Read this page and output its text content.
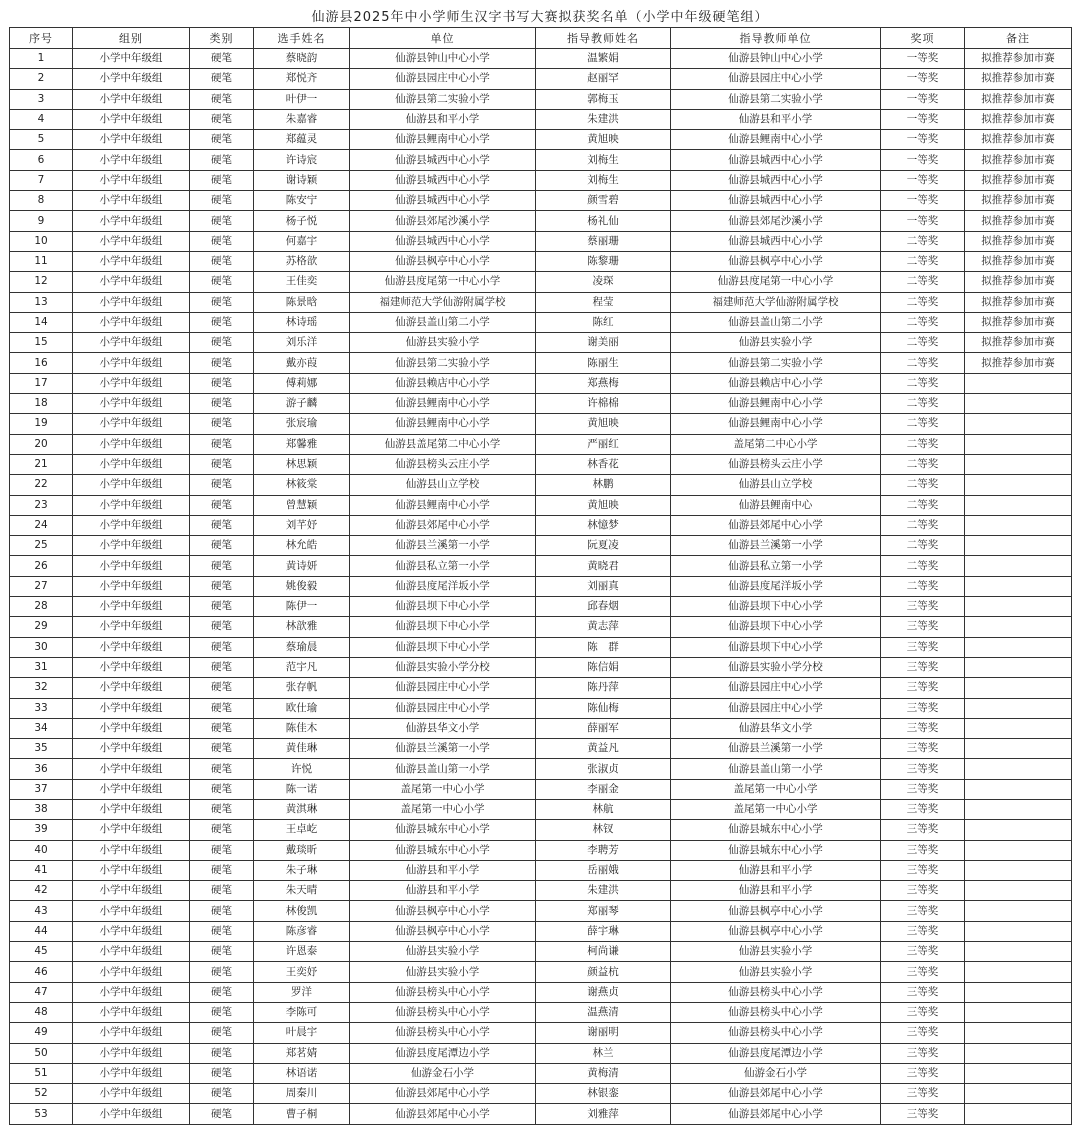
仙游县2025年中小学师生汉字书写大赛拟获奖名单（小学中年级硬笔组）
序号	组别	类别	选手姓名	单位	指导教师姓名	指导教师单位	奖项	备注
1	小学中年级组	硬笔	蔡晓韵	仙游县钟山中心小学	温繁娟	仙游县钟山中心小学	一等奖	拟推荐参加市赛
2	小学中年级组	硬笔	郑悦齐	仙游县园庄中心小学	赵丽罕	仙游县园庄中心小学	一等奖	拟推荐参加市赛
3	小学中年级组	硬笔	叶伊一	仙游县第二实验小学	郭梅玉	仙游县第二实验小学	一等奖	拟推荐参加市赛
4	小学中年级组	硬笔	朱嘉睿	仙游县和平小学	朱建洪	仙游县和平小学	一等奖	拟推荐参加市赛
5	小学中年级组	硬笔	郑蕴灵	仙游县鲤南中心小学	黄旭映	仙游县鲤南中心小学	一等奖	拟推荐参加市赛
6	小学中年级组	硬笔	许诗宸	仙游县城西中心小学	刘梅生	仙游县城西中心小学	一等奖	拟推荐参加市赛
7	小学中年级组	硬笔	谢诗颖	仙游县城西中心小学	刘梅生	仙游县城西中心小学	一等奖	拟推荐参加市赛
8	小学中年级组	硬笔	陈安宁	仙游县城西中心小学	颜雪碧	仙游县城西中心小学	一等奖	拟推荐参加市赛
9	小学中年级组	硬笔	杨子悦	仙游县郊尾沙溪小学	杨礼仙	仙游县郊尾沙溪小学	一等奖	拟推荐参加市赛
10	小学中年级组	硬笔	何嘉宇	仙游县城西中心小学	蔡丽珊	仙游县城西中心小学	二等奖	拟推荐参加市赛
11	小学中年级组	硬笔	苏格歆	仙游县枫亭中心小学	陈黎珊	仙游县枫亭中心小学	二等奖	拟推荐参加市赛
12	小学中年级组	硬笔	王佳奕	仙游县度尾第一中心小学	凌琛	仙游县度尾第一中心小学	二等奖	拟推荐参加市赛
13	小学中年级组	硬笔	陈景晗	福建师范大学仙游附属学校	程莹	福建师范大学仙游附属学校	二等奖	拟推荐参加市赛
14	小学中年级组	硬笔	林诗瑶	仙游县盖山第二小学	陈红	仙游县盖山第二小学	二等奖	拟推荐参加市赛
15	小学中年级组	硬笔	刘乐洋	仙游县实验小学	谢美丽	仙游县实验小学	二等奖	拟推荐参加市赛
16	小学中年级组	硬笔	戴亦葭	仙游县第二实验小学	陈丽生	仙游县第二实验小学	二等奖	拟推荐参加市赛
17	小学中年级组	硬笔	傅莉娜	仙游县赖店中心小学	郑燕梅	仙游县赖店中心小学	二等奖	
18	小学中年级组	硬笔	游子麟	仙游县鲤南中心小学	许棉棉	仙游县鲤南中心小学	二等奖	
19	小学中年级组	硬笔	张宸瑜	仙游县鲤南中心小学	黄旭映	仙游县鲤南中心小学	二等奖	
20	小学中年级组	硬笔	郑馨雅	仙游县盖尾第二中心小学	严丽红	盖尾第二中心小学	二等奖	
21	小学中年级组	硬笔	林思颖	仙游县榜头云庄小学	林香花	仙游县榜头云庄小学	二等奖	
22	小学中年级组	硬笔	林筱棠	仙游县山立学校	林鹏	仙游县山立学校	二等奖	
23	小学中年级组	硬笔	曾慧颖	仙游县鲤南中心小学	黄旭映	仙游县鲤南中心	二等奖	
24	小学中年级组	硬笔	刘芊妤	仙游县郊尾中心小学	林憶梦	仙游县郊尾中心小学	二等奖	
25	小学中年级组	硬笔	林允皓	仙游县兰溪第一小学	阮夏凌	仙游县兰溪第一小学	二等奖	
26	小学中年级组	硬笔	黄诗妍	仙游县私立第一小学	黄晓君	仙游县私立第一小学	二等奖	
27	小学中年级组	硬笔	姚俊毅	仙游县度尾洋坂小学	刘丽真	仙游县度尾洋坂小学	二等奖	
28	小学中年级组	硬笔	陈伊一	仙游县坝下中心小学	邱春烟	仙游县坝下中心小学	三等奖	
29	小学中年级组	硬笔	林歆雅	仙游县坝下中心小学	黄志萍	仙游县坝下中心小学	三等奖	
30	小学中年级组	硬笔	蔡瑜晨	仙游县坝下中心小学	陈　群	仙游县坝下中心小学	三等奖	
31	小学中年级组	硬笔	范宇凡	仙游县实验小学分校	陈信娟	仙游县实验小学分校	三等奖	
32	小学中年级组	硬笔	张存帆	仙游县园庄中心小学	陈丹萍	仙游县园庄中心小学	三等奖	
33	小学中年级组	硬笔	欧仕瑜	仙游县园庄中心小学	陈仙梅	仙游县园庄中心小学	三等奖	
34	小学中年级组	硬笔	陈佳木	仙游县华文小学	薛丽军	仙游县华文小学	三等奖	
35	小学中年级组	硬笔	黄佳琳	仙游县兰溪第一小学	黄益凡	仙游县兰溪第一小学	三等奖	
36	小学中年级组	硬笔	许悦	仙游县盖山第一小学	张淑贞	仙游县盖山第一小学	三等奖	
37	小学中年级组	硬笔	陈一诺	盖尾第一中心小学	李丽金	盖尾第一中心小学	三等奖	
38	小学中年级组	硬笔	黄淇琳	盖尾第一中心小学	林航	盖尾第一中心小学	三等奖	
39	小学中年级组	硬笔	王卓屹	仙游县城东中心小学	林钗	仙游县城东中心小学	三等奖	
40	小学中年级组	硬笔	戴琰昕	仙游县城东中心小学	李聘芳	仙游县城东中心小学	三等奖	
41	小学中年级组	硬笔	朱子琳	仙游县和平小学	岳丽娥	仙游县和平小学	三等奖	
42	小学中年级组	硬笔	朱天晴	仙游县和平小学	朱建洪	仙游县和平小学	三等奖	
43	小学中年级组	硬笔	林俊凯	仙游县枫亭中心小学	郑丽琴	仙游县枫亭中心小学	三等奖	
44	小学中年级组	硬笔	陈彦睿	仙游县枫亭中心小学	薛宇琳	仙游县枫亭中心小学	三等奖	
45	小学中年级组	硬笔	许恩泰	仙游县实验小学	柯尚谦	仙游县实验小学	三等奖	
46	小学中年级组	硬笔	王奕妤	仙游县实验小学	颜益杭	仙游县实验小学	三等奖	
47	小学中年级组	硬笔	罗洋	仙游县榜头中心小学	谢燕贞	仙游县榜头中心小学	三等奖	
48	小学中年级组	硬笔	李陈可	仙游县榜头中心小学	温燕清	仙游县榜头中心小学	三等奖	
49	小学中年级组	硬笔	叶晨宇	仙游县榜头中心小学	谢丽明	仙游县榜头中心小学	三等奖	
50	小学中年级组	硬笔	郑茗婧	仙游县度尾潭边小学	林兰	仙游县度尾潭边小学	三等奖	
51	小学中年级组	硬笔	林语诺	仙游金石小学	黄梅清	仙游金石小学	三等奖	
52	小学中年级组	硬笔	周秦川	仙游县郊尾中心小学	林银銮	仙游县郊尾中心小学	三等奖	
53	小学中年级组	硬笔	曹子桐	仙游县郊尾中心小学	刘雅萍	仙游县郊尾中心小学	三等奖	
